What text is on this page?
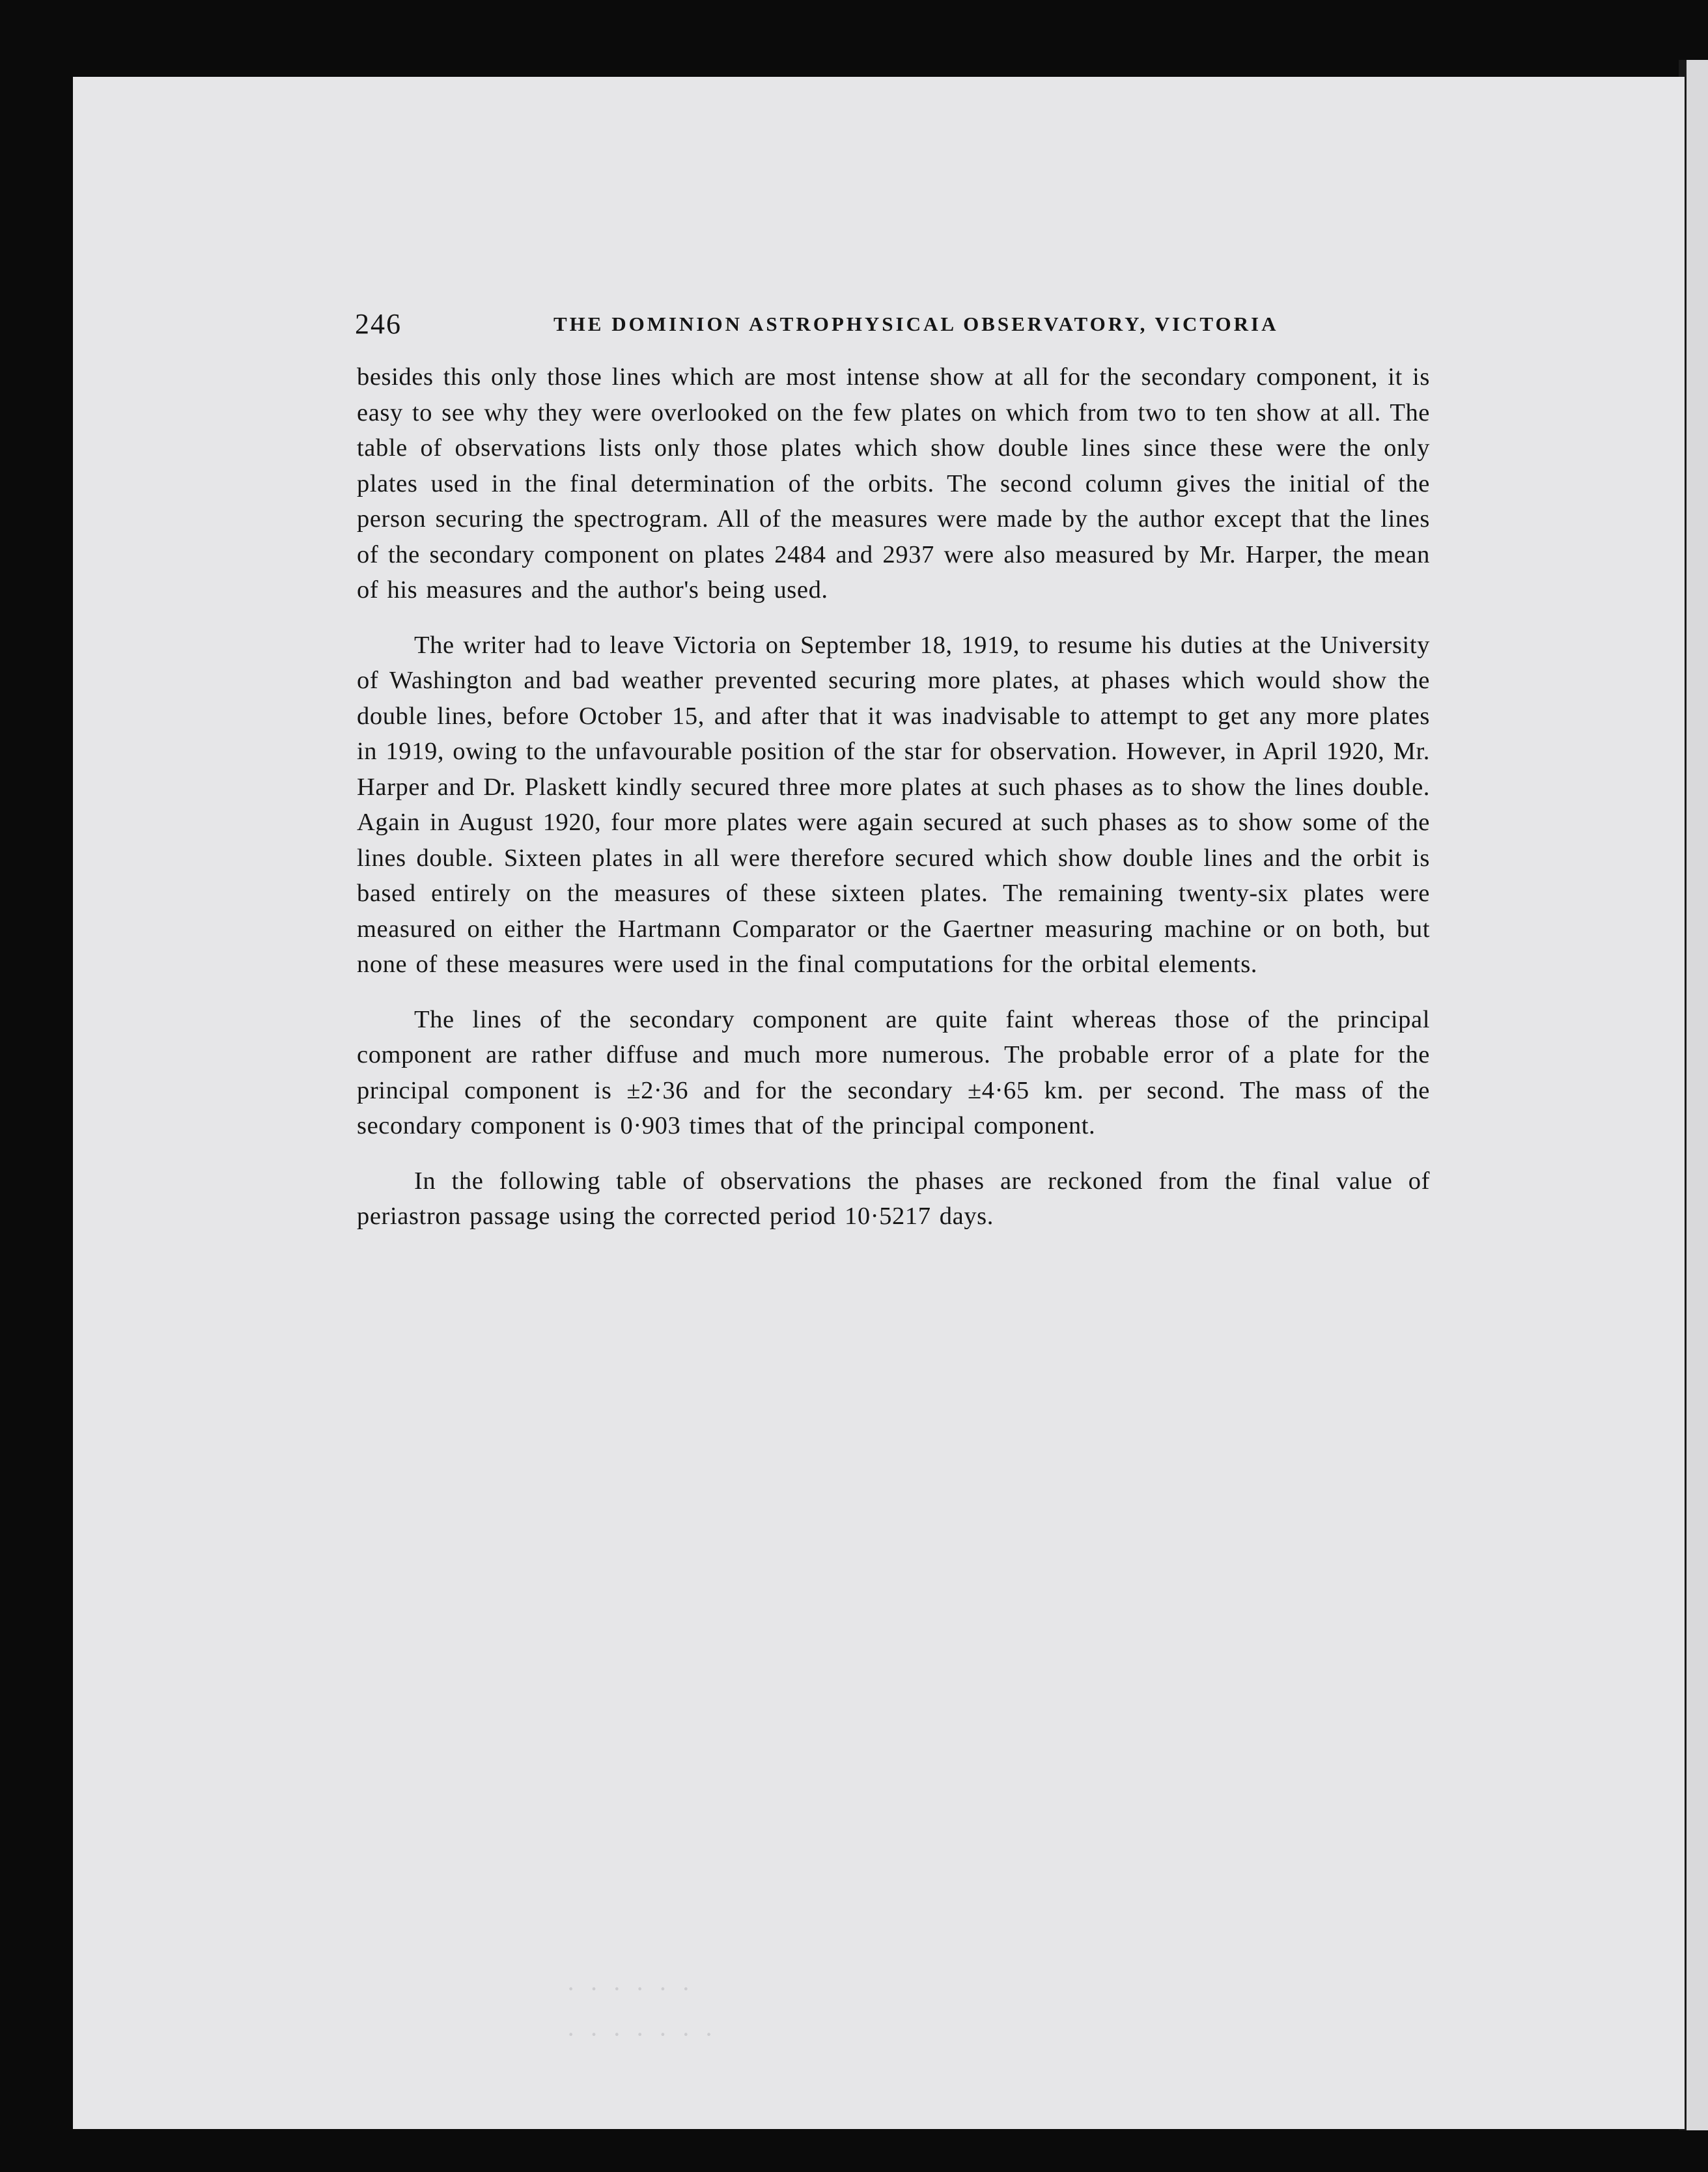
246	THE DOMINION ASTROPHYSICAL OBSERVATORY, VICTORIA

besides this only those lines which are most intense show at all for the secondary component, it is easy to see why they were overlooked on the few plates on which from two to ten show at all. The table of observations lists only those plates which show double lines since these were the only plates used in the final determination of the orbits. The second column gives the initial of the person securing the spectrogram. All of the measures were made by the author except that the lines of the secondary component on plates 2484 and 2937 were also measured by Mr. Harper, the mean of his measures and the author's being used.

The writer had to leave Victoria on September 18, 1919, to resume his duties at the University of Washington and bad weather prevented securing more plates, at phases which would show the double lines, before October 15, and after that it was inadvisable to attempt to get any more plates in 1919, owing to the unfavourable position of the star for observation. However, in April 1920, Mr. Harper and Dr. Plaskett kindly secured three more plates at such phases as to show the lines double. Again in August 1920, four more plates were again secured at such phases as to show some of the lines double. Sixteen plates in all were therefore secured which show double lines and the orbit is based entirely on the measures of these sixteen plates. The remaining twenty-six plates were measured on either the Hartmann Comparator or the Gaertner measuring machine or on both, but none of these measures were used in the final computations for the orbital elements.

The lines of the secondary component are quite faint whereas those of the principal component are rather diffuse and much more numerous. The probable error of a plate for the principal component is ±2·36 and for the secondary ±4·65 km. per second. The mass of the secondary component is 0·903 times that of the principal component.

In the following table of observations the phases are reckoned from the final value of periastron passage using the corrected period 10·5217 days.

· · · · · ·
· · · · · · ·
